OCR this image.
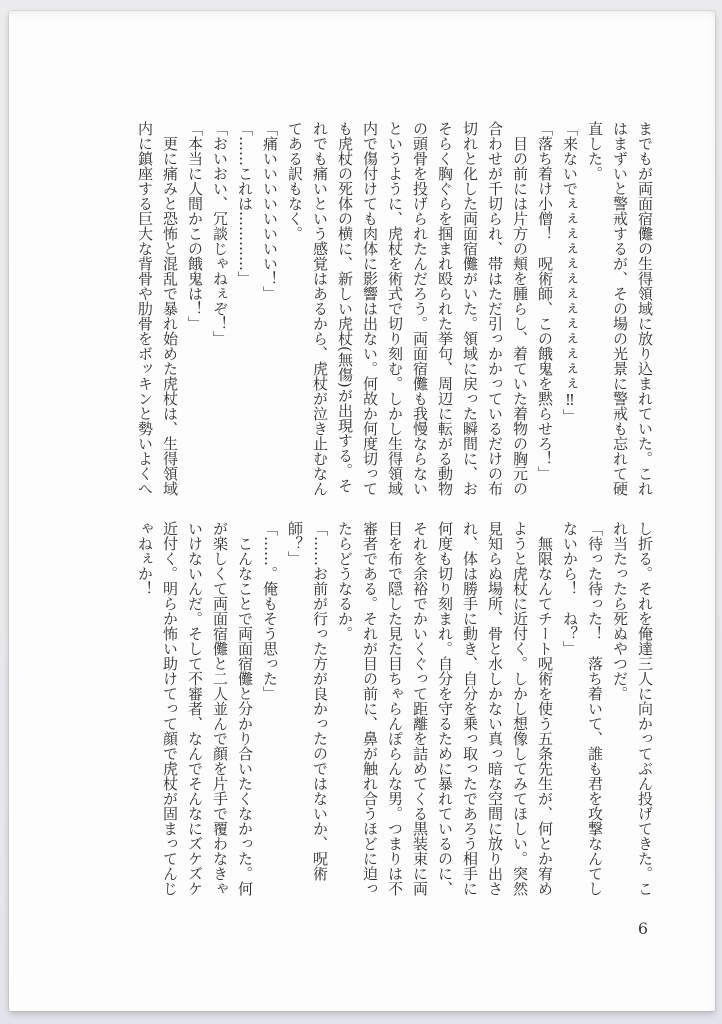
までもが両面宿儺の生得領域に放り込まれていた。これ
はまずいと警戒するが、その場の光景に警戒も忘れて硬
直した。
「来ないでぇぇぇぇぇぇぇぇぇぇぇぇぇ‼」
「落ち着け小僧！　呪術師、この餓鬼を黙らせろ！」
　目の前には片方の頬を腫らし、着ていた着物の胸元の
合わせが千切られ、帯はただ引っかかっているだけの布
切れと化した両面宿儺がいた。領域に戻った瞬間に、お
そらく胸ぐらを掴まれ殴られた挙句、周辺に転がる動物
の頭骨を投げられたんだろう。両面宿儺も我慢ならない
というように、虎杖を術式で切り刻む。しかし生得領域
内で傷付けても肉体に影響は出ない。何故か何度切って
も虎杖の死体の横に、新しい虎杖(無傷)が出現する。そ
れでも痛いという感覚はあるから、虎杖が泣き止むなん
てある訳もなく。
「痛いいいいいいいい！」
「……これは…………」
「おいおい、冗談じゃねぇぞ！」
「本当に人間かこの餓鬼は！」
　更に痛みと恐怖と混乱で暴れ始めた虎杖は、生得領域
内に鎮座する巨大な背骨や肋骨をボッキンと勢いよくへ
し折る。それを俺達三人に向かってぶん投げてきた。こ
れ当たったら死ぬやつだ。
「待った待った！　落ち着いて、誰も君を攻撃なんてし
ないから！　ね？」
　無限なんてチート呪術を使う五条先生が、何とか宥め
ようと虎杖に近付く。しかし想像してみてほしい。突然
見知らぬ場所、骨と水しかない真っ暗な空間に放り出さ
れ、体は勝手に動き、自分を乗っ取ったであろう相手に
何度も切り刻まれ。自分を守るために暴れているのに、
それを余裕でかいくぐって距離を詰めてくる黒装束に両
目を布で隠した見た目ちゃらんぽらんな男。つまりは不
審者である。それが目の前に、鼻が触れ合うほどに迫っ
たらどうなるか。
「……お前が行った方が良かったのではないか、呪術
師？」
「……。俺もそう思った」
　こんなことで両面宿儺と分かり合いたくなかった。何
が楽しくて両面宿儺と二人並んで顔を片手で覆わなきゃ
いけないんだ。そして不審者、なんでそんなにズケズケ
近付く。明らか怖い助けてって顔で虎杖が固まってんじ
ゃねぇか！
6
